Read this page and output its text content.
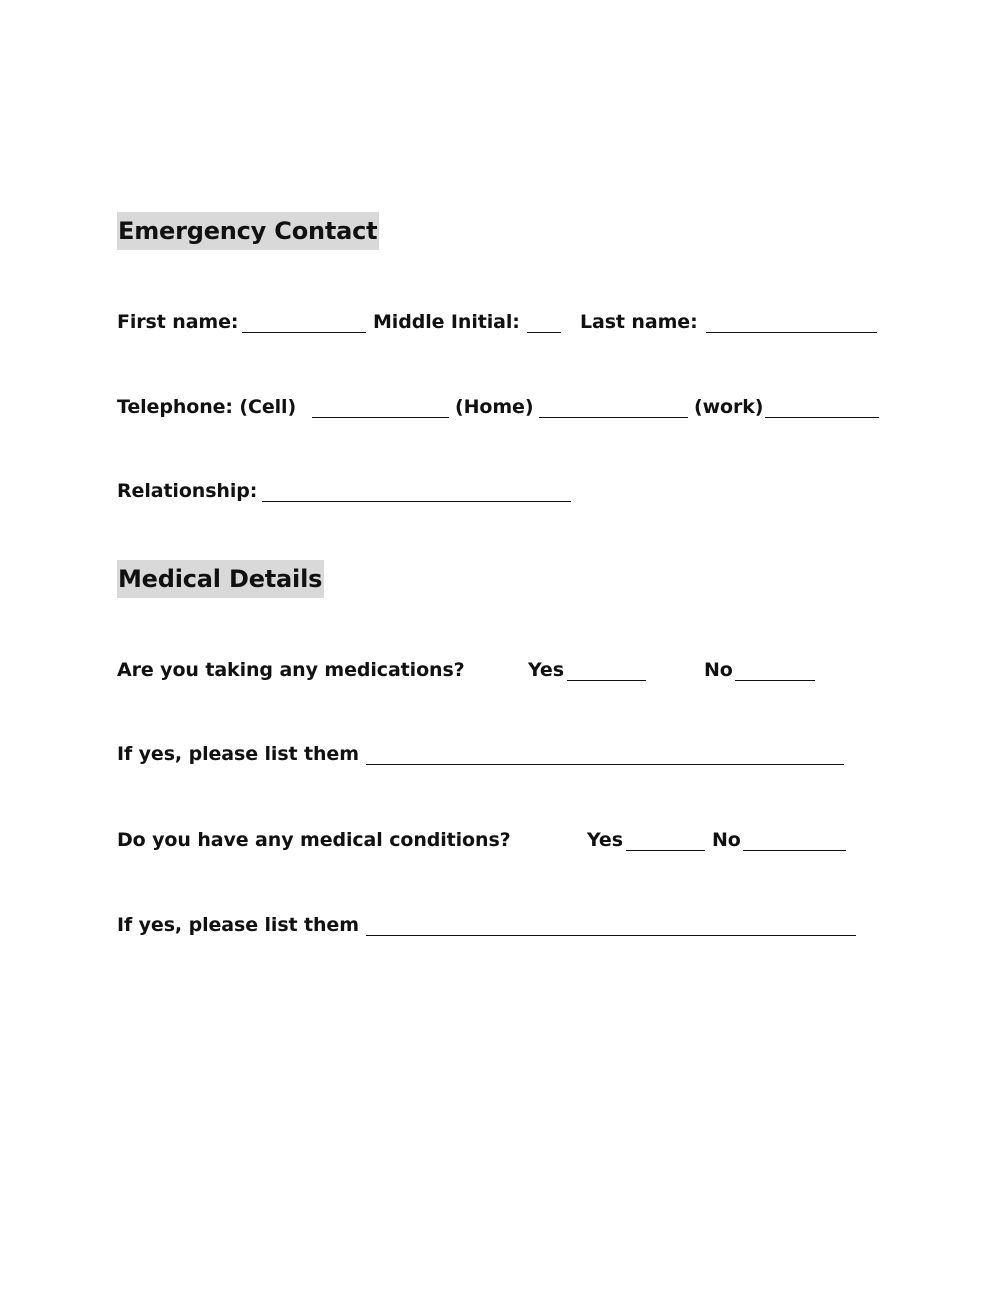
Emergency Contact
First name:	Middle Initial:	Last name:
Telephone: (Cell)	(Home)	(work)
Relationship:
Medical Details
Are you taking any medications?	Yes	No
If yes, please list them
Do you have any medical conditions?	Yes	No
If yes, please list them
